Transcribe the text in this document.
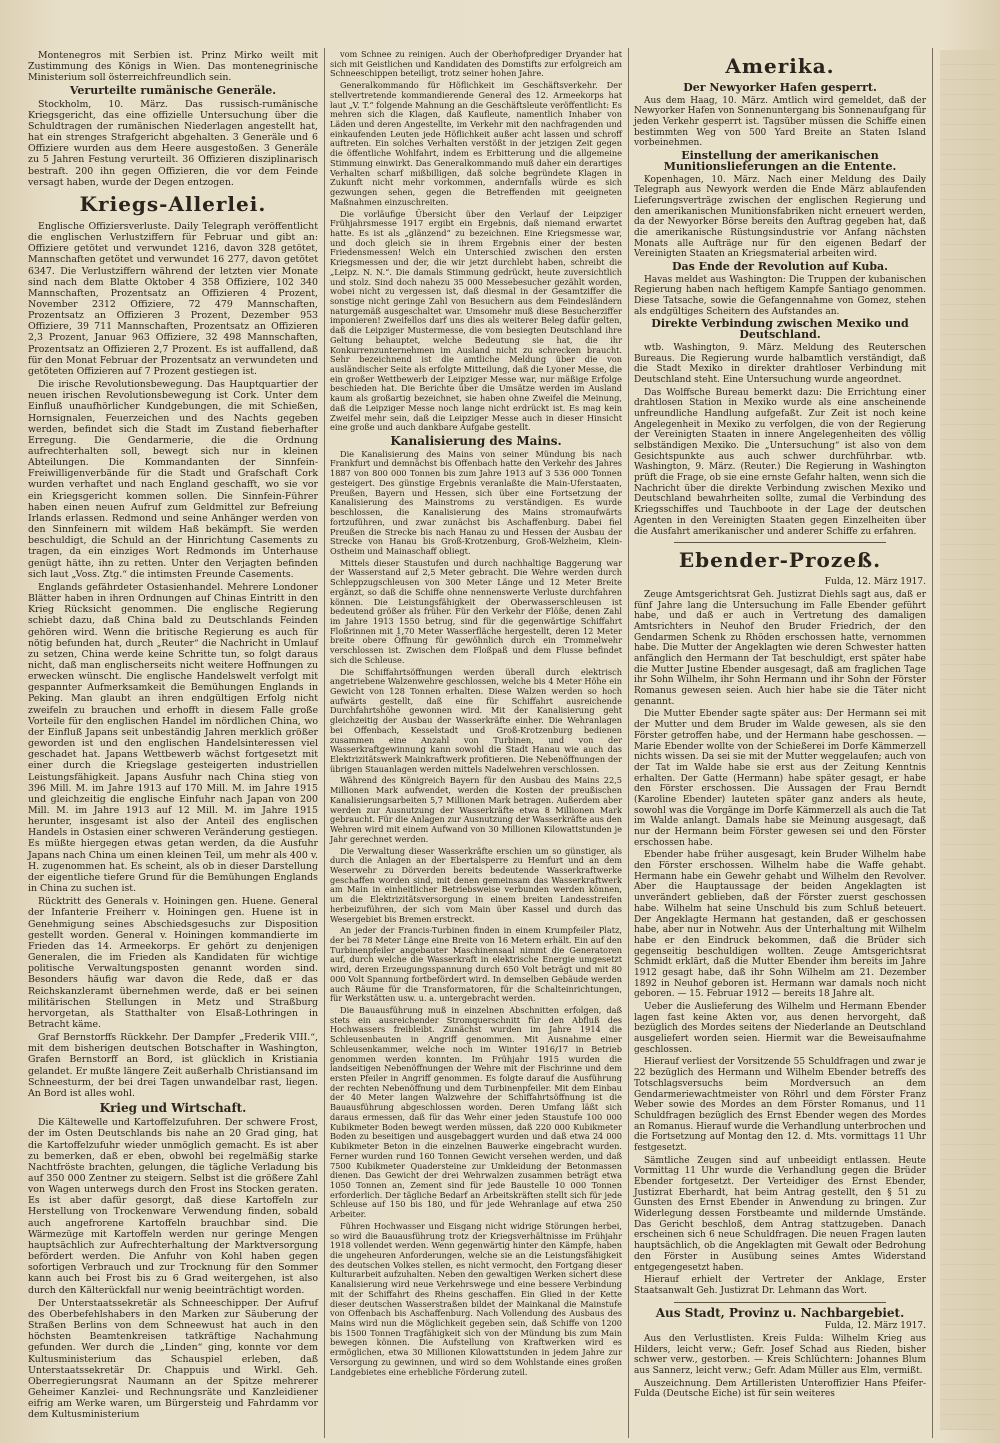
Montenegros mit Serbien ist. Prinz Mirko weilt mit Zustimmung des Königs in Wien. Das montenegrinische Ministerium soll österreichfreundlich sein.

Verurteilte rumänische Generäle.

Stockholm, 10. März. Das russisch-rumänische Kriegsgericht, das eine offizielle Untersuchung über die Schuldtragen der rumänischen Niederlagen angestellt hat, hat ein strenges Strafgericht abgehalten. 3 Generäle und 6 Offiziere wurden aus dem Heere ausgestoßen. 3 Generäle zu 5 Jahren Festung verurteilt. 36 Offizieren disziplinarisch bestraft. 200 ihn gegen Offizieren, die vor dem Feinde versagt haben, wurde der Degen entzogen.

Kriegs-Allerlei.

Englische Offiziersverluste. Daily Telegraph veröffentlicht die englischen Verlustziffern für Februar und gibt an: Offiziere getötet und verwundet 1216, davon 328 getötet, Mannschaften getötet und verwundet 16 277, davon getötet 6347. Die Verlustziffern während der letzten vier Monate sind nach dem Blatte Oktober 4 358 Offiziere, 102 340 Mannschaften, Prozentsatz an Offizieren 4 Prozent, November 2312 Offiziere, 72 479 Mannschaften, Prozentsatz an Offizieren 3 Prozent, Dezember 953 Offiziere, 39 711 Mannschaften, Prozentsatz an Offizieren 2,3 Prozent, Januar 963 Offiziere, 32 498 Mannschaften, Prozentsatz an Offizieren 2,7 Prozent. Es ist auffallend, daß für den Monat Februar der Prozentsatz an verwundeten und getöteten Offizieren auf 7 Prozent gestiegen ist.

Die irische Revolutionsbewegung. Das Hauptquartier der neuen irischen Revolutionsbewegung ist Cork. Unter dem Einfluß unaufhörlicher Kundgebungen, die mit Schießen, Hornsignalen, Feuerzeichen und des Nachts gegeben werden, befindet sich die Stadt im Zustand fieberhafter Erregung. Die Gendarmerie, die die Ordnung aufrechterhalten soll, bewegt sich nur in kleinen Abteilungen. Die Kommandanten der Sinnfein-Freiwilligenverbände für die Stadt und Grafschaft Cork wurden verhaftet und nach England geschafft, wo sie vor ein Kriegsgericht kommen sollen. Die Sinnfein-Führer haben einen neuen Aufruf zum Geldmittel zur Befreiung Irlands erlassen. Redmond und seine Anhänger werden von den Sinnfeinern mit wildem Haß bekämpft. Sie werden beschuldigt, die Schuld an der Hinrichtung Casements zu tragen, da ein einziges Wort Redmonds im Unterhause genügt hätte, ihn zu retten. Unter den Verjagten befinden sich laut „Voss. Ztg.“ die intimsten Freunde Casements.

Englands gefährdeter Ostasienhandel. Mehrere Londoner Blätter haben in ihren Ordnungen auf Chinas Eintritt in den Krieg Rücksicht genommen. Die englische Regierung schiebt dazu, daß China bald zu Deutschlands Feinden gehören wird. Wenn die britische Regierung es auch für nötig befunden hat, durch „Reuter“ die Nachricht in Umlauf zu setzen, China werde keine Schritte tun, so folgt daraus nicht, daß man englischerseits nicht weitere Hoffnungen zu erwecken wünscht. Die englische Handelswelt verfolgt mit gespannter Aufmerksamkeit die Bemühungen Englands in Peking. Man glaubt an ihren endgültigen Erfolg nicht zweifeln zu brauchen und erhofft in diesem Falle große Vorteile für den englischen Handel im nördlichen China, wo der Einfluß Japans seit unbeständig Jahren merklich größer geworden ist und den englischen Handelsinteressen viel geschadet hat. Japans Wettbewerb wächst fortgesetzt mit einer durch die Kriegslage gesteigerten industriellen Leistungsfähigkeit. Japans Ausfuhr nach China stieg von 396 Mill. M. im Jahre 1913 auf 170 Mill. M. im Jahre 1915 und gleichzeitig die englische Einfuhr nach Japan von 200 Mill. M. im Jahre 1913 auf 12 Mill. M. im Jahre 1915 herunter, insgesamt ist also der Anteil des englischen Handels in Ostasien einer schweren Veränderung gestiegen. Es müßte hiergegen etwas getan werden, da die Ausfuhr Japans nach China um einen kleinen Teil, um mehr als 400 v. H. zugenommen hat. Es scheint, als ob in dieser Darstellung der eigentliche tiefere Grund für die Bemühungen Englands in China zu suchen ist.

Rücktritt des Generals v. Hoiningen gen. Huene. General der Infanterie Freiherr v. Hoiningen gen. Huene ist in Genehmigung seines Abschiedsgesuchs zur Disposition gestellt worden. General v. Hoiningen kommandierte im Frieden das 14. Armeekorps. Er gehört zu denjenigen Generalen, die im Frieden als Kandidaten für wichtige politische Verwaltungsposten genannt worden sind. Besonders häufig war davon die Rede, daß er das Reichskanzleramt übernehmen werde, daß er bei seinen militärischen Stellungen in Metz und Straßburg hervorgetan, als Statthalter von Elsaß-Lothringen in Betracht käme.

Graf Bernstorffs Rückkehr. Der Dampfer „Frederik VIII.“, mit dem bisherigen deutschen Botschafter in Washington, Grafen Bernstorff an Bord, ist glücklich in Kristiania gelandet. Er mußte längere Zeit außerhalb Christiansand im Schneesturm, der bei drei Tagen unwandelbar rast, liegen. An Bord ist alles wohl.

Krieg und Wirtschaft.

Die Kältewelle und Kartoffelzufuhren. Der schwere Frost, der im Osten Deutschlands bis nahe an 20 Grad ging, hat die Kartoffelzufuhr wieder unmöglich gemacht. Es ist aber zu bemerken, daß er eben, obwohl bei regelmäßig starke Nachtfröste brachten, gelungen, die tägliche Verladung bis auf 350 000 Zentner zu steigern. Selbst ist die größere Zahl von Wagen unterwegs durch den Frost ins Stocken geraten. Es ist aber dafür gesorgt, daß diese Kartoffeln zur Herstellung von Trockenware Verwendung finden, sobald auch angefrorene Kartoffeln brauchbar sind. Die Wärmezüge mit Kartoffeln werden nur geringe Mengen hauptsächlich zur Aufrechterhaltung der Marktversorgung befördert werden. Die Anfuhr von Kohl haben gegen sofortigen Verbrauch und zur Trocknung für den Sommer kann auch bei Frost bis zu 6 Grad weitergehen, ist also durch den Kälterückfall nur wenig beeinträchtigt worden.

Der Unterstaatssekretär als Schneeschipper. Der Aufruf des Oberbefehlshabers in den Marken zur Säuberung der Straßen Berlins von dem Schneewust hat auch in den höchsten Beamtenkreisen tatkräftige Nachahmung gefunden. Wer durch die „Linden“ ging, konnte vor dem Kultusministerium das Schauspiel erleben, daß Unterstaatssekretär Dr. Chappuis und Wirkl. Geh. Oberregierungsrat Naumann an der Spitze mehrerer Geheimer Kanzlei- und Rechnungsräte und Kanzleidiener eifrig am Werke waren, um Bürgersteig und Fahrdamm vor dem Kultusministerium

vom Schnee zu reinigen. Auch der Oberhofprediger Dryander hat sich mit Geistlichen und Kandidaten des Domstifts zur erfolgreich am Schneeschippen beteiligt, trotz seiner hohen Jahre.

Generalkommando für Höflichkeit im Geschäftsverkehr. Der stellvertretende kommandierende General des 12. Armeekorps hat laut „V. T.“ folgende Mahnung an die Geschäftsleute veröffentlicht: Es mehren sich die Klagen, daß Kaufleute, namentlich Inhaber von Läden und deren Angestellte, im Verkehr mit den nachfragenden und einkaufenden Leuten jede Höflichkeit außer acht lassen und schroff auftreten. Ein solches Verhalten verstößt in der jetzigen Zeit gegen die öffentliche Wohlfahrt, indem es Erbitterung und die allgemeine Stimmung einwirkt. Das Generalkommando muß daher ein derartiges Verhalten scharf mißbilligen, daß solche begründete Klagen in Zukunft nicht mehr vorkommen, andernfalls würde es sich gezwungen sehen, gegen die Betreffenden mit geeigneten Maßnahmen einzuschreiten.

Die vorläufige Übersicht über den Verlauf der Leipziger Frühjahrsmesse 1917 ergibt ein Ergebnis, daß niemand erwartet hatte. Es ist als „glänzend“ zu bezeichnen. Eine Kriegsmesse war, und doch gleich sie in ihrem Ergebnis einer der besten Friedensmessen! Welch ein Unterschied zwischen den ersten Kriegsmessen und der, die wir jetzt durchlebt haben, schreibt die „Leipz. N. N.“. Die damals Stimmung gedrückt, heute zuversichtlich und stolz. Sind doch nahezu 35 000 Messebesucher gezählt worden, wobei nicht zu vergessen ist, daß diesmal in der Gesamtziffer die sonstige nicht geringe Zahl von Besuchern aus dem Feindesländern naturgemäß ausgeschaltet war. Umsomehr muß diese Besucherziffer imponieren! Zweifellos darf uns dies als weiterer Beleg dafür gelten, daß die Leipziger Mustermesse, die vom besiegten Deutschland ihre Geltung behauptet, welche Bedeutung sie hat, die ihr Konkurrenzunternehmen im Ausland nicht zu schrecken braucht. Sehr bezeichnend ist die amtliche Meldung über die von ausländischer Seite als erfolgte Mitteilung, daß die Lyoner Messe, die ein großer Wettbewerb der Leipziger Messe war, nur mäßige Erfolge beschieden hat. Die Berichte über die Umsätze werden im Ausland kaum als großartig bezeichnet, sie haben ohne Zweifel die Meinung, daß die Leipziger Messe noch lange nicht erdrückt ist. Es mag kein Zweifel mehr sein, daß die Leipziger Messe auch in dieser Hinsicht eine große und auch dankbare Aufgabe gestellt.

Kanalisierung des Mains.

Die Kanalisierung des Mains von seiner Mündung bis nach Frankfurt und demnächst bis Offenbach hatte den Verkehr des Jahres 1887 von 800 000 Tonnen bis zum Jahre 1913 auf 3 536 000 Tonnen gesteigert. Des günstige Ergebnis veranlaßte die Main-Uferstaaten, Preußen, Bayern und Hessen, sich über eine Fortsetzung der Kanalisierung des Mainstroms zu verständigen. Es wurde beschlossen, die Kanalisierung des Mains stromaufwärts fortzuführen, und zwar zunächst bis Aschaffenburg. Dabei fiel Preußen die Strecke bis nach Hanau zu und Hessen der Ausbau der Strecke von Hanau bis Groß-Krotzenburg, Groß-Welzheim, Klein-Ostheim und Mainaschaff obliegt.

Mittels dieser Staustufen und durch nachhaltige Baggerung war der Wasserstand auf 2,5 Meter gebracht. Die Wehre werden durch Schleppzugschleusen von 300 Meter Länge und 12 Meter Breite ergänzt, so daß die Schiffe ohne nennenswerte Verluste durchfahren können. Die Leistungsfähigkeit der Oberwasserschleusen ist bedeutend größer als früher. Für den Verkehr der Flöße, denen Zahl im Jahre 1913 1550 betrug, sind für die gegenwärtige Schiffahrt Floßrinnen mit 1,70 Meter Wasserfläche hergestellt, deren 12 Meter breite obere Öffnung für gewöhnlich durch ein Trommelwehr verschlossen ist. Zwischen dem Floßpaß und dem Flusse befindet sich die Schleuse.

Die Schiffahrtsöffnungen werden überall durch elektrisch angetriebene Walzenwehre geschlossen, welche bis 4 Meter Höhe ein Gewicht von 128 Tonnen erhalten. Diese Walzen werden so hoch aufwärts gestellt, daß eine für Schiffahrt ausreichende Durchfahrtshöhe gewonnen wird. Mit der Kanalisierung geht gleichzeitig der Ausbau der Wasserkräfte einher. Die Wehranlagen bei Offenbach, Kesselstadt und Groß-Krotzenburg bedienen zusammen eine Anzahl von Turbinen, und von der Wasserkraftgewinnung kann sowohl die Stadt Hanau wie auch das Elektrizitätswerk Mainkraftwerk profitieren. Die Nebenöffnungen der übrigen Stauanlagen werden mittels Nadelwehren verschlossen.

Während des Königreich Bayern für den Ausbau des Mains 22,5 Millionen Mark aufwendet, werden die Kosten der preußischen Kanalisierungsarbeiten 5,7 Millionen Mark betragen. Außerdem aber werden zur Ausnutzung der Wasserkräfte etwa 8 Millionen Mark gebraucht. Für die Anlagen zur Ausnutzung der Wasserkräfte aus den Wehren wird mit einem Aufwand von 30 Millionen Kilowattstunden je Jahr gerechnet werden.

Die Verwaltung dieser Wasserkräfte erschien um so günstiger, als durch die Anlagen an der Ebertalsperre zu Hemfurt und an dem Weserwehr zu Dörverden bereits bedeutende Wasserkraftwerke geschaffen worden sind, mit denen gemeinsam das Wasserkraftwerk am Main in einheitlicher Betriebsweise verbunden werden können, um die Elektrizitätsversorgung in einem breiten Landesstreifen herbeizuführen, der sich vom Main über Kassel und durch das Wesergebiet bis Bremen erstreckt.

An jeder der Francis-Turbinen finden in einem Krumpfeiler Platz, der bei 78 Meter Länge eine Breite von 16 Metern erhält. Ein auf den Turbinenpfeiler angebauter Maschinensaal nimmt die Generatoren auf, durch welche die Wasserkraft in elektrische Energie umgesetzt wird, deren Erzeugungsspannung durch 650 Volt beträgt und mit 80 000 Volt Spannung fortbefördert wird. In demselben Gebäude werden auch Räume für die Transformatoren, für die Schalteinrichtungen, für Werkstätten usw. u. a. untergebracht werden.

Die Bauausführung muß in einzelnen Abschnitten erfolgen, daß stets ein ausreichender Stromquerschnitt für den Abfluß des Hochwassers freibleibt. Zunächst wurden im Jahre 1914 die Schleusenbauten in Angriff genommen. Mit Ausnahme einer Schleusenkammer, welche noch im Winter 1916/17 in Betrieb genommen werden konnten. Im Frühjahr 1915 wurden die landseitigen Nebenöffnungen der Wehre mit der Fischrinne und dem ersten Pfeiler in Angriff genommen. Es folgte darauf die Ausführung der rechten Nebenöffnung und dem Turbinenpfeiler. Mit dem Einbau der 40 Meter langen Walzwehre der Schiffahrtsöffnung ist die Bauausführung abgeschlossen worden. Deren Umfang läßt sich daraus ermessen, daß für das Wehr einer jeden Staustufe 100 000 Kubikmeter Boden bewegt werden müssen, daß 220 000 Kubikmeter Boden zu beseitigen und ausgebaggert wurden und daß etwa 24 000 Kubikmeter Beton in die einzelnen Bauwerke eingebracht wurden. Ferner wurden rund 160 Tonnen Gewicht versehen werden, und daß 7500 Kubikmeter Quadersteine zur Umkleidung der Betonmassen dienen. Das Gewicht der drei Wehrwalzen zusammen beträgt etwa 1050 Tonnen an, Zement sind für jede Baustelle 10 000 Tonnen erforderlich. Der tägliche Bedarf an Arbeitskräften stellt sich für jede Schleuse auf 150 bis 180, und für jede Wehranlage auf etwa 250 Arbeiter.

Führen Hochwasser und Eisgang nicht widrige Störungen herbei, so wird die Bauausführung trotz der Kriegsverhältnisse im Frühjahr 1918 vollendet werden. Wenn gegenwärtig hinter den Kämpfe, haben die ungeheuren Anforderungen, welche sie an die Leistungsfähigkeit des deutschen Volkes stellen, es nicht vermocht, den Fortgang dieser Kulturarbeit aufzuhalten. Neben den gewaltigen Werken sichert diese Kanalisierung wird neue Verkehrswege und eine bessere Verbindung mit der Schiffahrt des Rheins geschaffen. Ein Glied in der Kette dieser deutschen Wasserstraßen bildet der Mainkanal die Mainstufe von Offenbach bis Aschaffenburg. Nach Vollendung des Ausbaus des Mains wird nun die Möglichkeit gegeben sein, daß Schiffe von 1200 bis 1500 Tonnen Tragfähigkeit sich von der Mündung bis zum Main bewegen können. Die Aufstellung von Kraftwerken wird es ermöglichen, etwa 30 Millionen Kilowattstunden in jedem Jahre zur Versorgung zu gewinnen, und wird so dem Wohlstande eines großen Landgebietes eine erhebliche Förderung zuteil.

Amerika.
Der Newyorker Hafen gesperrt.

Aus dem Haag, 10. März. Amtlich wird gemeldet, daß der Newyorker Hafen von Sonnenuntergang bis Sonnenaufgang für jeden Verkehr gesperrt ist. Tagsüber müssen die Schiffe einen bestimmten Weg von 500 Yard Breite an Staten Island vorbeinehmen.

Einstellung der amerikanischen Munitionslieferungen an die Entente.

Kopenhagen, 10. März. Nach einer Meldung des Daily Telegraph aus Newyork werden die Ende März ablaufenden Lieferungsverträge zwischen der englischen Regierung und den amerikanischen Munitionsfabriken nicht erneuert werden, da der Newyorker Börse bereits den Auftrag gegeben hat, daß die amerikanische Rüstungsindustrie vor Anfang nächsten Monats alle Aufträge nur für den eigenen Bedarf der Vereinigten Staaten an Kriegsmaterial arbeiten wird.

Das Ende der Revolution auf Kuba.

Havas meldet aus Washington: Die Truppen der kubanischen Regierung haben nach heftigem Kampfe Santiago genommen. Diese Tatsache, sowie die Gefangennahme von Gomez, stehen als endgültiges Scheitern des Aufstandes an.

Direkte Verbindung zwischen Mexiko und Deutschland.

wtb. Washington, 9. März. Meldung des Reuterschen Bureaus. Die Regierung wurde halbamtlich verständigt, daß die Stadt Mexiko in direkter drahtloser Verbindung mit Deutschland steht. Eine Untersuchung wurde angeordnet.

Das Wolffsche Bureau bemerkt dazu: Die Errichtung einer drahtlosen Station in Mexiko wurde als eine anscheinende unfreundliche Handlung aufgefaßt. Zur Zeit ist noch keine Angelegenheit in Mexiko zu verfolgen, die von der Regierung der Vereinigten Staaten in innere Angelegenheiten des völlig selbständigen Mexiko. Die „Untersuchung“ ist also von dem Gesichtspunkte aus auch schwer durchführbar. wtb. Washington, 9. März. (Reuter.) Die Regierung in Washington prüft die Frage, ob sie eine ernste Gefahr halten, wenn sich die Nachricht über die direkte Verbindung zwischen Mexiko und Deutschland bewahrheiten sollte, zumal die Verbindung des Kriegsschiffes und Tauchboote in der Lage der deutschen Agenten in den Vereinigten Staaten gegen Einzelheiten über die Ausfahrt amerikanischer und anderer Schiffe zu erfahren.

Ebender-Prozeß.
Fulda, 12. März 1917.

Zeuge Amtsgerichtsrat Geh. Justizrat Diehls sagt aus, daß er fünf Jahre lang die Untersuchung im Falle Ebender geführt habe, und daß er auch in Vertretung des damaligen Amtsrichters in Neuhof den Bruder Friedrich, der den Gendarmen Schenk zu Rhöden erschossen hatte, vernommen habe. Die Mutter der Angeklagten wie deren Schwester hatten anfänglich den Hermann der Tat beschuldigt, erst später habe die Mutter Justine Ebender ausgesagt, daß am fraglichen Tage ihr Sohn Wilhelm, ihr Sohn Hermann und ihr Sohn der Förster Romanus gewesen seien. Auch hier habe sie die Täter nicht genannt.

Die Mutter Ebender sagte später aus: Der Hermann sei mit der Mutter und dem Bruder im Walde gewesen, als sie den Förster getroffen habe, und der Hermann habe geschossen. — Marie Ebender wollte von der Schießerei im Dorfe Kämmerzell nichts wissen. Da sei sie mit der Mutter weggelaufen; auch von der Tat im Walde habe sie erst aus der Zeitung Kenntnis erhalten. Der Gatte (Hermann) habe später gesagt, er habe den Förster erschossen. Die Aussagen der Frau Berndt (Karoline Ebender) lauteten später ganz anders als heute, sowohl was die Vorgänge im Dorfe Kämmerzell als auch die Tat im Walde anlangt. Damals habe sie Meinung ausgesagt, daß nur der Hermann beim Förster gewesen sei und den Förster erschossen habe.

Ebender habe früher ausgesagt, kein Bruder Wilhelm habe den Förster erschossen. Wilhelm habe die Waffe gehabt. Hermann habe ein Gewehr gehabt und Wilhelm den Revolver. Aber die Hauptaussage der beiden Angeklagten ist unverändert geblieben, daß der Förster zuerst geschossen habe. Wilhelm hat seine Unschuld bis zum Schluß beteuert. Der Angeklagte Hermann hat gestanden, daß er geschossen habe, aber nur in Notwehr. Aus der Unterhaltung mit Wilhelm habe er den Eindruck bekommen, daß die Brüder sich gegenseitig beschuldigen wollten. Zeuge Amtsgerichtsrat Schmidt erklärt, daß die Mutter Ebender ihm bereits im Jahre 1912 gesagt habe, daß ihr Sohn Wilhelm am 21. Dezember 1892 in Neuhof geboren ist. Hermann war damals noch nicht geboren. — 15. Februar 1912 — bereits 18 Jahre alt.

Ueber die Auslieferung des Wilhelm und Hermann Ebender lagen fast keine Akten vor, aus denen hervorgeht, daß bezüglich des Mordes seitens der Niederlande an Deutschland ausgeliefert worden seien. Hiermit war die Beweisaufnahme geschlossen.

Hierauf verliest der Vorsitzende 55 Schuldfragen und zwar je 22 bezüglich des Hermann und Wilhelm Ebender betreffs des Totschlagsversuchs beim Mordversuch an dem Gendarmeriewachtmeister von Röhrl und dem Förster Franz Weber sowie des Mordes an dem Förster Romanus, und 11 Schuldfragen bezüglich des Ernst Ebender wegen des Mordes an Romanus. Hierauf wurde die Verhandlung unterbrochen und die Fortsetzung auf Montag den 12. d. Mts. vormittags 11 Uhr festgesetzt.

Sämtliche Zeugen sind auf unbeeidigt entlassen. Heute Vormittag 11 Uhr wurde die Verhandlung gegen die Brüder Ebender fortgesetzt. Der Verteidiger des Ernst Ebender, Justizrat Eberhardt, hat beim Antrag gestellt, den § 51 zu Gunsten des Ernst Ebender in Anwendung zu bringen. Zur Widerlegung dessen Forstbeamte und mildernde Umstände. Das Gericht beschloß, dem Antrag stattzugeben. Danach erscheinen sich 6 neue Schuldfragen. Die neuen Fragen lauten hauptsächlich, ob die Angeklagten mit Gewalt oder Bedrohung den Förster in Ausübung seines Amtes Widerstand entgegengesetzt haben.

Hierauf erhielt der Vertreter der Anklage, Erster Staatsanwalt Geh. Justizrat Dr. Lehmann das Wort.

Aus Stadt, Provinz u. Nachbargebiet.
Fulda, 12. März 1917.

Aus den Verlustlisten. Kreis Fulda: Wilhelm Krieg aus Hilders, leicht verw.; Gefr. Josef Schad aus Rieden, bisher schwer verw., gestorben. — Kreis Schlüchtern: Johannes Blum aus Sannerz, leicht verw.; Gefr. Adam Müller aus Elm, vermißt.

Auszeichnung. Dem Artilleristen Unteroffizier Hans Pfeifer-Fulda (Deutsche Eiche) ist für sein weiteres
